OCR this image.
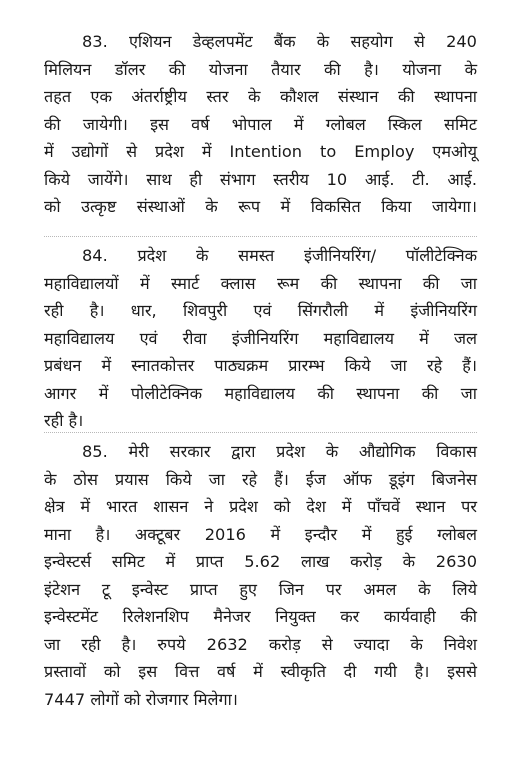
83. एशियन डेव्हलपमेंट बैंक के सहयोग से 240
मिलियन डॉलर की योजना तैयार की है। योजना के
तहत एक अंतर्राष्ट्रीय स्तर के कौशल संस्थान की स्थापना
की जायेगी। इस वर्ष भोपाल में ग्लोबल स्किल समिट
में उद्योगों से प्रदेश में Intention to Employ एमओयू
किये जायेंगे। साथ ही संभाग स्तरीय 10 आई. टी. आई.
को उत्कृष्ट संस्थाओं के रूप में विकसित किया जायेगा।
84. प्रदेश के समस्त इंजीनियरिंग/ पॉलीटेक्निक
महाविद्यालयों में स्मार्ट क्लास रूम की स्थापना की जा
रही है। धार, शिवपुरी एवं सिंगरौली में इंजीनियरिंग
महाविद्यालय एवं रीवा इंजीनियरिंग महाविद्यालय में जल
प्रबंधन में स्नातकोत्तर पाठ्यक्रम प्रारम्भ किये जा रहे हैं।
आगर में पोलीटेक्निक महाविद्यालय की स्थापना की जा
रही है।
85. मेरी सरकार द्वारा प्रदेश के औद्योगिक विकास
के ठोस प्रयास किये जा रहे हैं। ईज ऑफ डूइंग बिजनेस
क्षेत्र में भारत शासन ने प्रदेश को देश में पाँचवें स्थान पर
माना है। अक्टूबर 2016 में इन्दौर में हुई ग्लोबल
इन्वेस्टर्स समिट में प्राप्त 5.62 लाख करोड़ के 2630
इंटेशन टू इन्वेस्ट प्राप्त हुए जिन पर अमल के लिये
इन्वेस्टमेंट रिलेशनशिप मैनेजर नियुक्त कर कार्यवाही की
जा रही है। रुपये 2632 करोड़ से ज्यादा के निवेश
प्रस्तावों को इस वित्त वर्ष में स्वीकृति दी गयी है। इससे
7447 लोगों को रोजगार मिलेगा।
